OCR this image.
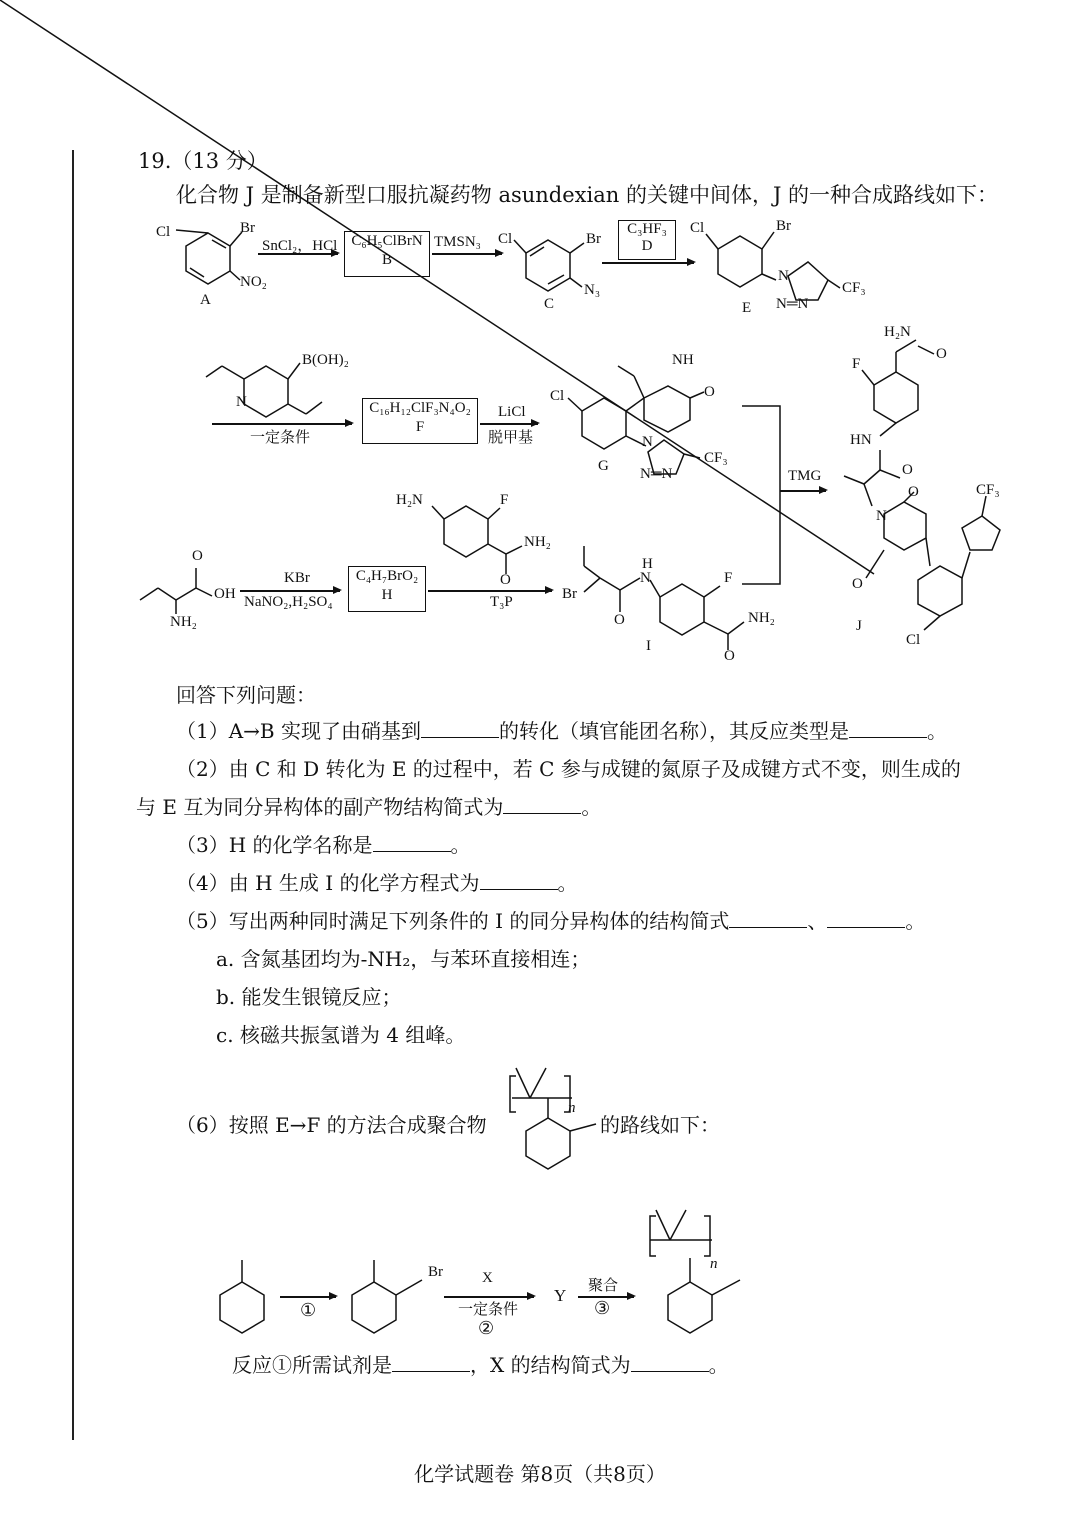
19.（13 分）
化合物 J 是制备新型口服抗凝药物 asundexian 的关键中间体，J 的一种合成路线如下：
C₆H₅ClBrN
B
C₃HF₃
D
C₁₆H₁₂ClF₃N₄O₂
F
C₄H₇BrO₂
H
Cl	Br
NO₂
A
SnCl₂，HCl	TMSN₃ Cl	Br
N₃
C
Cl	Br
N
N═N
CF₃
E
B(OH)₂
N
一定条件
LiCl
脱甲基
Cl
NH
O
N
N═N
CF₃
G
TMG
H₂N
O
F
HN
O
N
O	CF₃
O
Cl
J
H₂N	F
NH₂
O
O
OH
NH₂
KBr
NaNO₂,H₂SO₄	T₃P	Br
H
N
O
F
NH₂
O
I
回答下列问题：
（1）A→B 实现了由硝基到	的转化（填官能团名称），其反应类型是	。
（2）由 C 和 D 转化为 E 的过程中，若 C 参与成键的氮原子及成键方式不变，则生成的
与 E 互为同分异构体的副产物结构简式为	。
（3）H 的化学名称是	。
（4）由 H 生成 I 的化学方程式为	。
（5）写出两种同时满足下列条件的 I 的同分异构体的结构简式	、	。
a. 含氮基团均为-NH₂，与苯环直接相连；
b. 能发生银镜反应；
c. 核磁共振氢谱为 4 组峰。
（6）按照 E→F 的方法合成聚合物
n
的路线如下：
①
Br	X
一定条件
②
Y 聚合
③
n
反应①所需试剂是	，X 的结构简式为	。
化学试题卷 第8页（共8页）
